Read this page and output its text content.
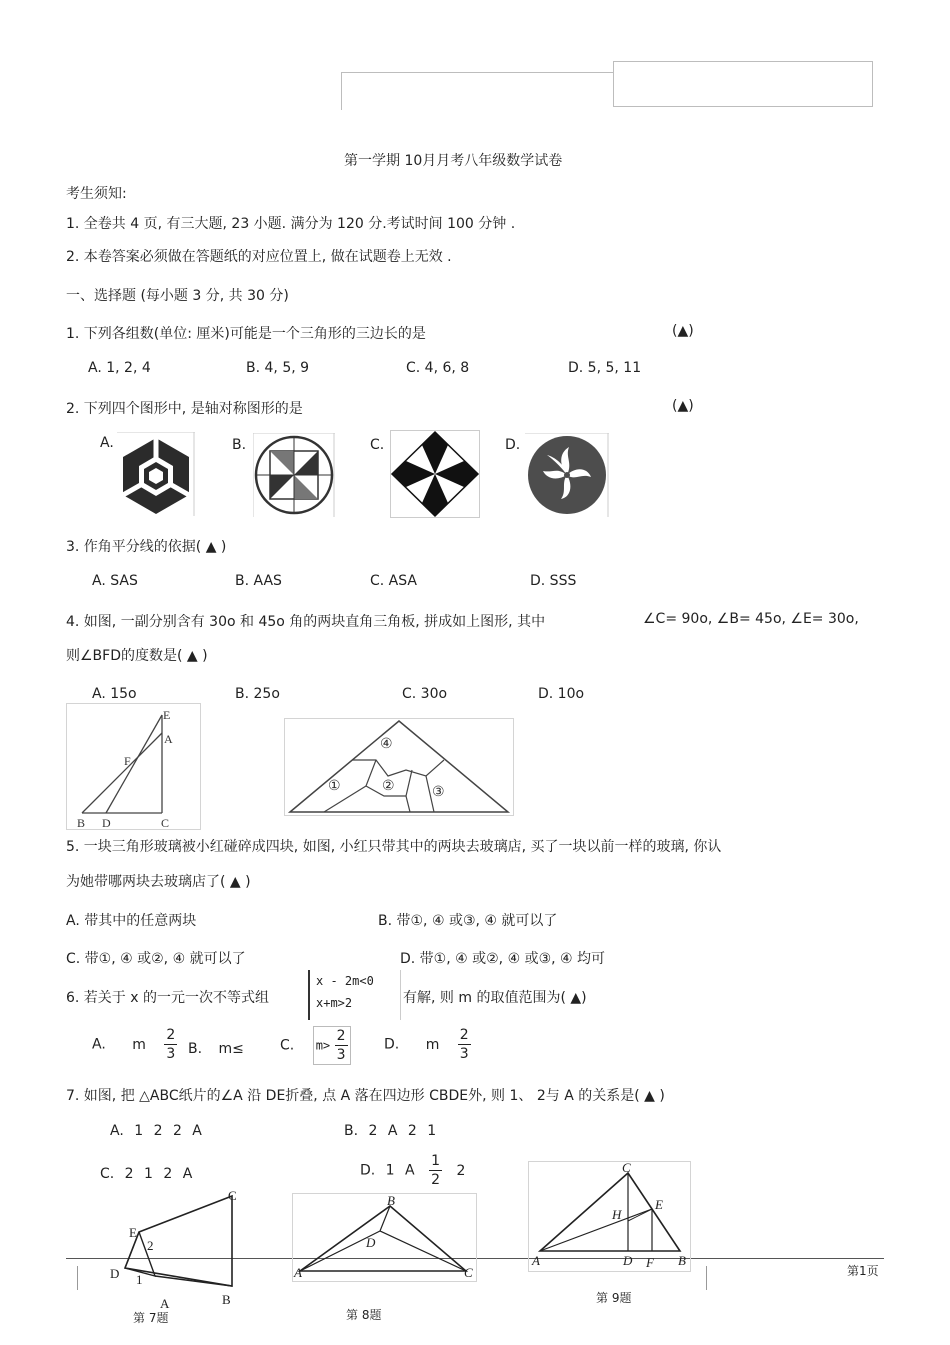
第一学期 10月月考八年级数学试卷
考生须知:
1. 全卷共 4 页, 有三大题, 23 小题. 满分为 120 分.考试时间 100 分钟 .
2. 本卷答案必须做在答题纸的对应位置上, 做在试题卷上无效 .
一、选择题 (每小题 3 分, 共 30 分)
1. 下列各组数(单位: 厘米)可能是一个三角形的三边长的是	(▲)
A. 1, 2, 4	B. 4, 5, 9	C. 4, 6, 8	D. 5, 5, 11
2. 下列四个图形中, 是轴对称图形的是	(▲)
A.	B.	C.	D.
3. 作角平分线的依据( ▲ )
A. SAS	B. AAS	C. ASA	D. SSS
4. 如图, 一副分别含有 30o 和 45o 角的两块直角三角板, 拼成如上图形, 其中	∠C= 90o, ∠B= 45o, ∠E= 30o,
则∠BFD的度数是( ▲ )
A. 15o	B. 25o	C. 30o	D. 10o
E
A
F
B D	C
①	②	③
④
5. 一块三角形玻璃被小红碰碎成四块, 如图, 小红只带其中的两块去玻璃店, 买了一块以前一样的玻璃, 你认
为她带哪两块去玻璃店了( ▲ )
A. 带其中的任意两块	B. 带①, ④ 或③, ④ 就可以了
C. 带①, ④ 或②, ④ 就可以了	D. 带①, ④ 或②, ④ 或③, ④ 均可
6. 若关于 x 的一元一次不等式组
x - 2m<0
x+m>2	有解, 则 m 的取值范围为( ▲)
A. m $\frac{2}{3} B$. m≤	C. $m> \frac{2}{3}$	D. m $\frac{2}{3}$
7. 如图, 把 △ABC纸片的∠A 沿 DE折叠, 点 A 落在四边形 CBDE外, 则 1、 2与 A 的关系是( ▲ )
A. 1 2 2 A	B. 2 A 2 1
C. 2 1 2 A	D. 1 A $\frac{1}{2} 2$
第1页
C
E
2
D 1
A	B
第 7题
B
D
A	C
第 8题
C
E
H
A	D F B
第 9题
